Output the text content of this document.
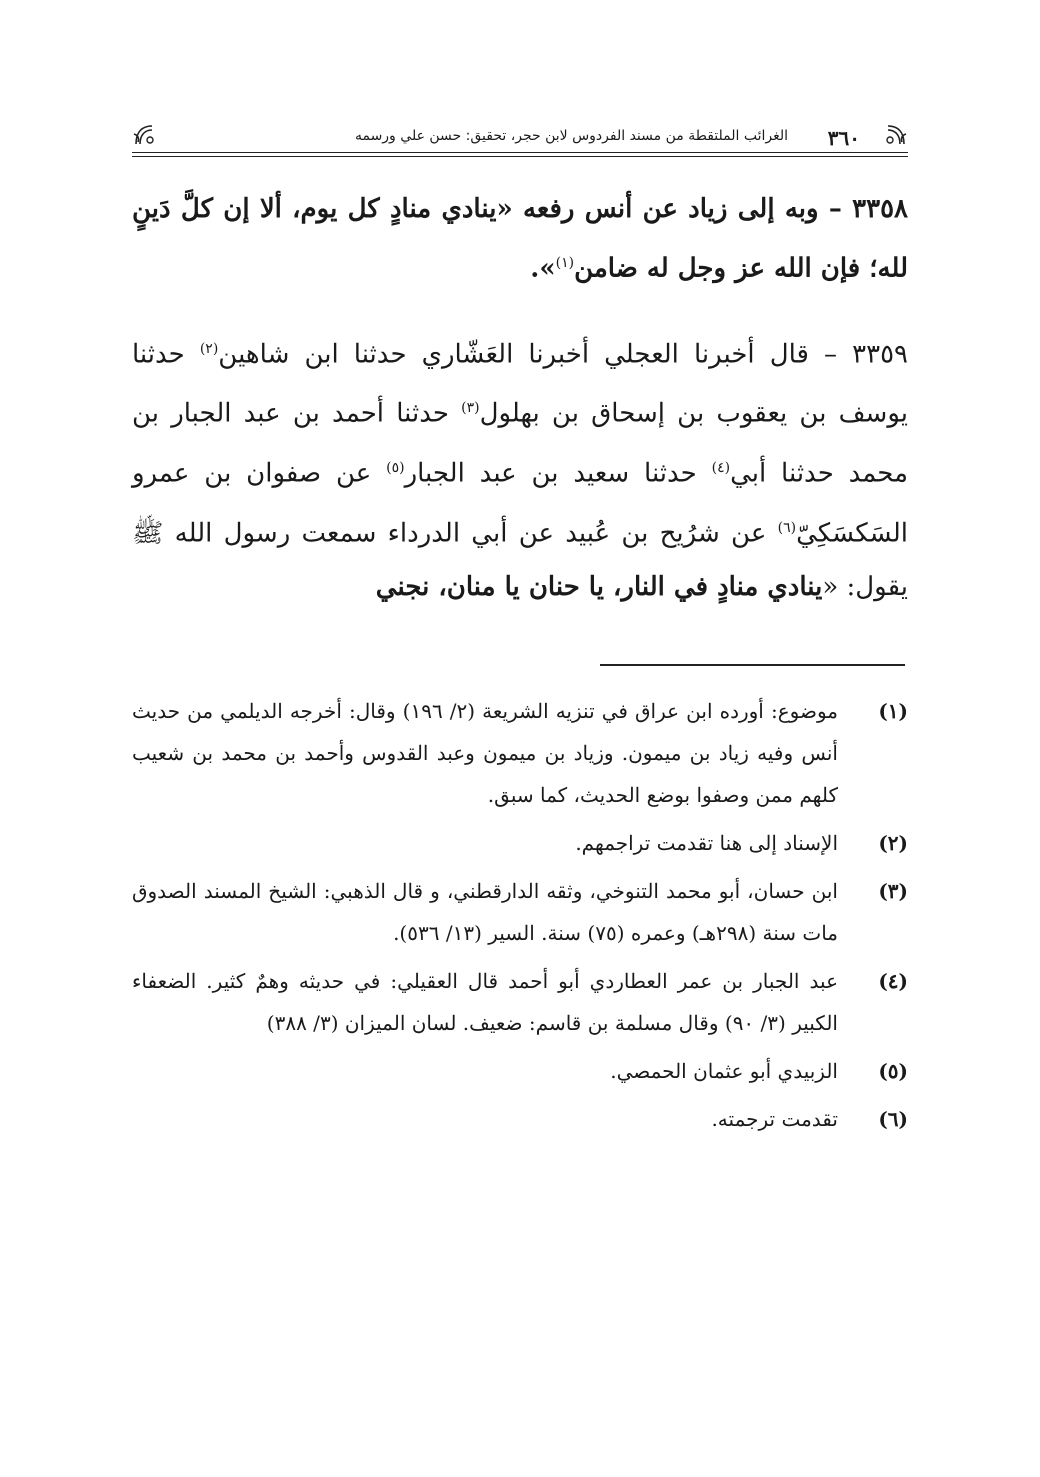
الغرائب الملتقطة من مسند الفردوس لابن حجر، تحقيق: حسن علي ورسمه ٣٦٠

٣٣٥٨ – وبه إلى زياد عن أنس رفعه «ينادي منادٍ كل يوم، ألا إن كلَّ دَينٍ لله؛ فإن الله عز وجل له ضامن$^{(١)}$».

٣٣٥٩ – قال أخبرنا العجلي أخبرنا العَشّاري حدثنا ابن شاهين$^{(٢)}$ حدثنا يوسف بن يعقوب بن إسحاق بن بهلول$^{(٣)}$ حدثنا أحمد بن عبد الجبار بن محمد حدثنا أبي$^{(٤)}$ حدثنا سعيد بن عبد الجبار$^{(٥)}$ عن صفوان بن عمرو السَكسَكِيّ$^{(٦)}$ عن شرُيح بن عُبيد عن أبي الدرداء سمعت رسول الله ﷺ يقول: «ينادي منادٍ في النار، يا حنان يا منان، نجني

(١)
موضوع: أورده ابن عراق في تنزيه الشريعة (٢/ ١٩٦) وقال: أخرجه الديلمي من حديث أنس وفيه زياد بن ميمون. وزياد بن ميمون وعبد القدوس وأحمد بن محمد بن شعيب كلهم ممن وصفوا بوضع الحديث، كما سبق.
(٢)
الإسناد إلى هنا تقدمت تراجمهم.
(٣)
ابن حسان، أبو محمد التنوخي، وثقه الدارقطني، و قال الذهبي: الشيخ المسند الصدوق مات سنة (٢٩٨هـ) وعمره (٧٥) سنة. السير (١٣/ ٥٣٦).
(٤)
عبد الجبار بن عمر العطاردي أبو أحمد قال العقيلي: في حديثه وهمٌ كثير. الضعفاء الكبير (٣/ ٩٠) وقال مسلمة بن قاسم: ضعيف. لسان الميزان (٣/ ٣٨٨)
(٥)
الزبيدي أبو عثمان الحمصي.
(٦)
تقدمت ترجمته.
